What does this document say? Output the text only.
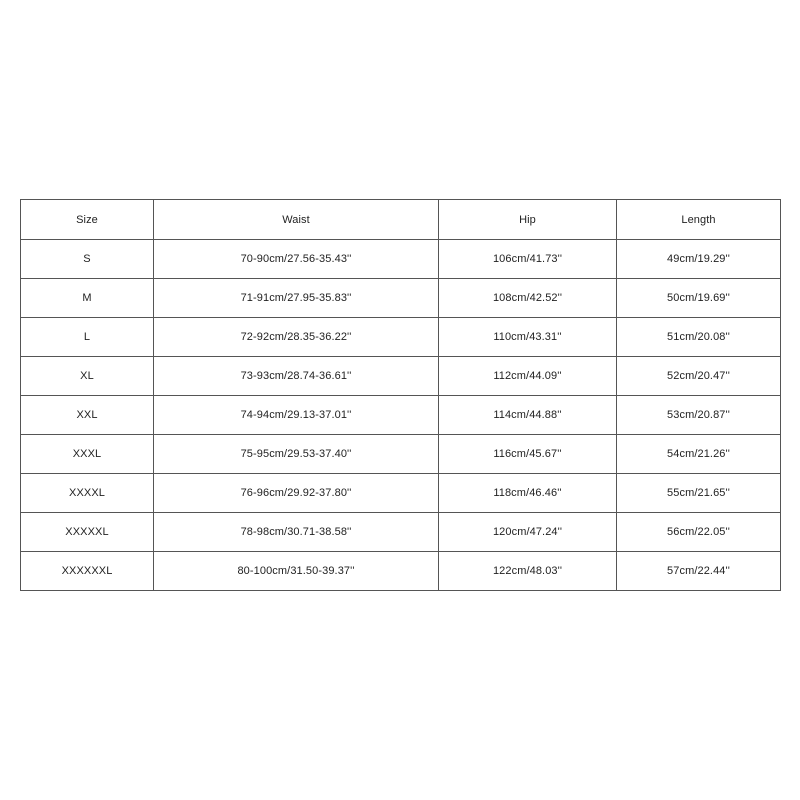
Size	Waist	Hip	Length
S	70-90cm/27.56-35.43''	106cm/41.73''	49cm/19.29''
M	71-91cm/27.95-35.83''	108cm/42.52''	50cm/19.69''
L	72-92cm/28.35-36.22''	110cm/43.31''	51cm/20.08''
XL	73-93cm/28.74-36.61''	112cm/44.09''	52cm/20.47''
XXL	74-94cm/29.13-37.01''	114cm/44.88''	53cm/20.87''
XXXL	75-95cm/29.53-37.40''	116cm/45.67''	54cm/21.26''
XXXXL	76-96cm/29.92-37.80''	118cm/46.46''	55cm/21.65''
XXXXXL	78-98cm/30.71-38.58''	120cm/47.24''	56cm/22.05''
XXXXXXL	80-100cm/31.50-39.37''	122cm/48.03''	57cm/22.44''
